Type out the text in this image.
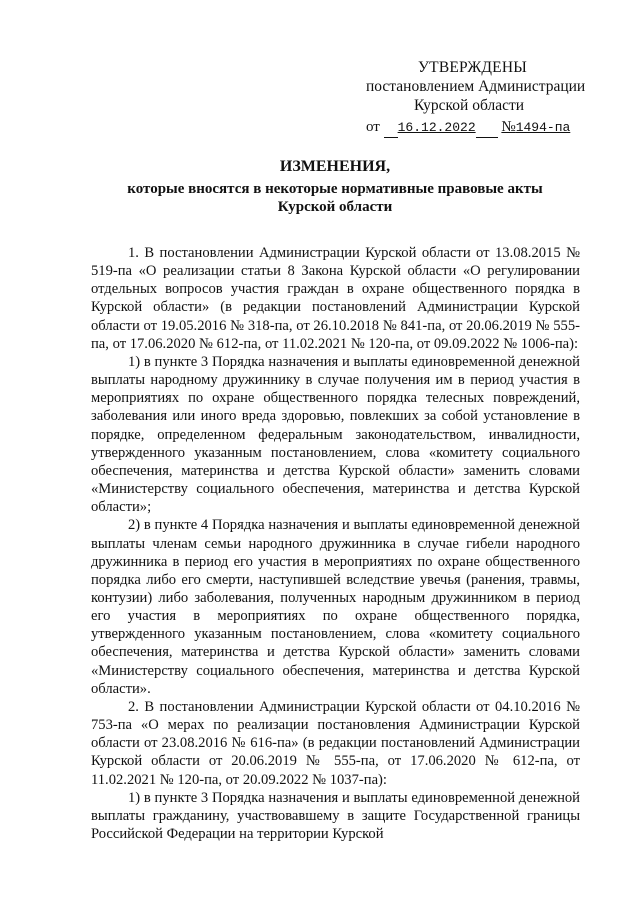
УТВЕРЖДЕНЫ
постановлением Администрации
Курской области
от 16.12.2022 №1494-па
ИЗМЕНЕНИЯ,
которые вносятся в некоторые нормативные правовые акты
Курской области

1. В постановлении Администрации Курской области от 13.08.2015 № 519-па «О реализации статьи 8 Закона Курской области «О регулировании отдельных вопросов участия граждан в охране общественного порядка в Курской области» (в редакции постановлений Администрации Курской области от 19.05.2016 № 318-па, от 26.10.2018 № 841-па, от 20.06.2019 № 555-па, от 17.06.2020 № 612-па, от 11.02.2021 № 120-па, от 09.09.2022 № 1006-па):

1) в пункте 3 Порядка назначения и выплаты единовременной денежной выплаты народному дружиннику в случае получения им в период участия в мероприятиях по охране общественного порядка телесных повреждений, заболевания или иного вреда здоровью, повлекших за собой установление в порядке, определенном федеральным законодательством, инвалидности, утвержденного указанным постановлением, слова «комитету социального обеспечения, материнства и детства Курской области» заменить словами «Министерству социального обеспечения, материнства и детства Курской области»;

2) в пункте 4 Порядка назначения и выплаты единовременной денежной выплаты членам семьи народного дружинника в случае гибели народного дружинника в период его участия в мероприятиях по охране общественного порядка либо его смерти, наступившей вследствие увечья (ранения, травмы, контузии) либо заболевания, полученных народным дружинником в период его участия в мероприятиях по охране общественного порядка, утвержденного указанным постановлением, слова «комитету социального обеспечения, материнства и детства Курской области» заменить словами «Министерству социального обеспечения, материнства и детства Курской области».

2. В постановлении Администрации Курской области от 04.10.2016 № 753-па «О мерах по реализации постановления Администрации Курской области от 23.08.2016 № 616-па» (в редакции постановлений Администрации Курской области от 20.06.2019 № 555-па, от 17.06.2020 № 612-па, от 11.02.2021 № 120-па, от 20.09.2022 № 1037-па):

1) в пункте 3 Порядка назначения и выплаты единовременной денежной выплаты гражданину, участвовавшему в защите Государственной границы Российской Федерации на территории Курской
